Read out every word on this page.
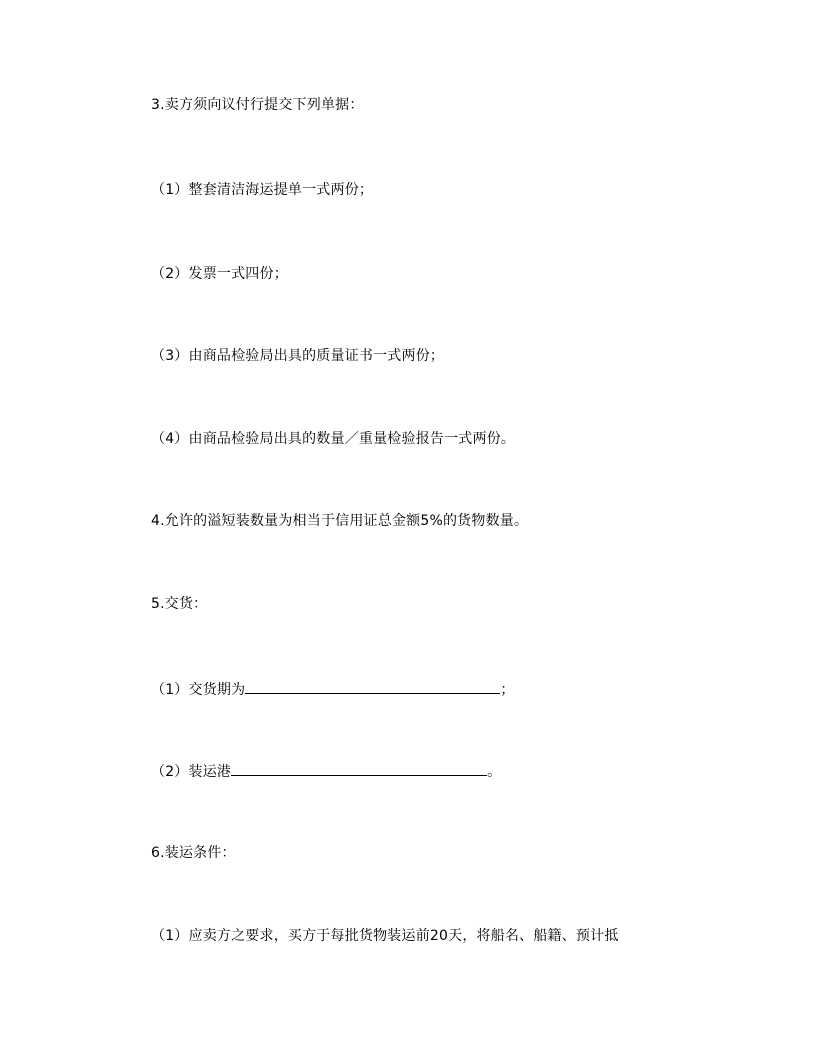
3.卖方须向议付行提交下列单据：
（1）整套清洁海运提单一式两份；
（2）发票一式四份；
（3）由商品检验局出具的质量证书一式两份；
（4）由商品检验局出具的数量／重量检验报告一式两份。
4.允许的溢短装数量为相当于信用证总金额5%的货物数量。
5.交货：
（1）交货期为	；
（2）装运港	。
6.装运条件：
（1）应卖方之要求，买方于每批货物装运前20天，将船名、船籍、预计抵
